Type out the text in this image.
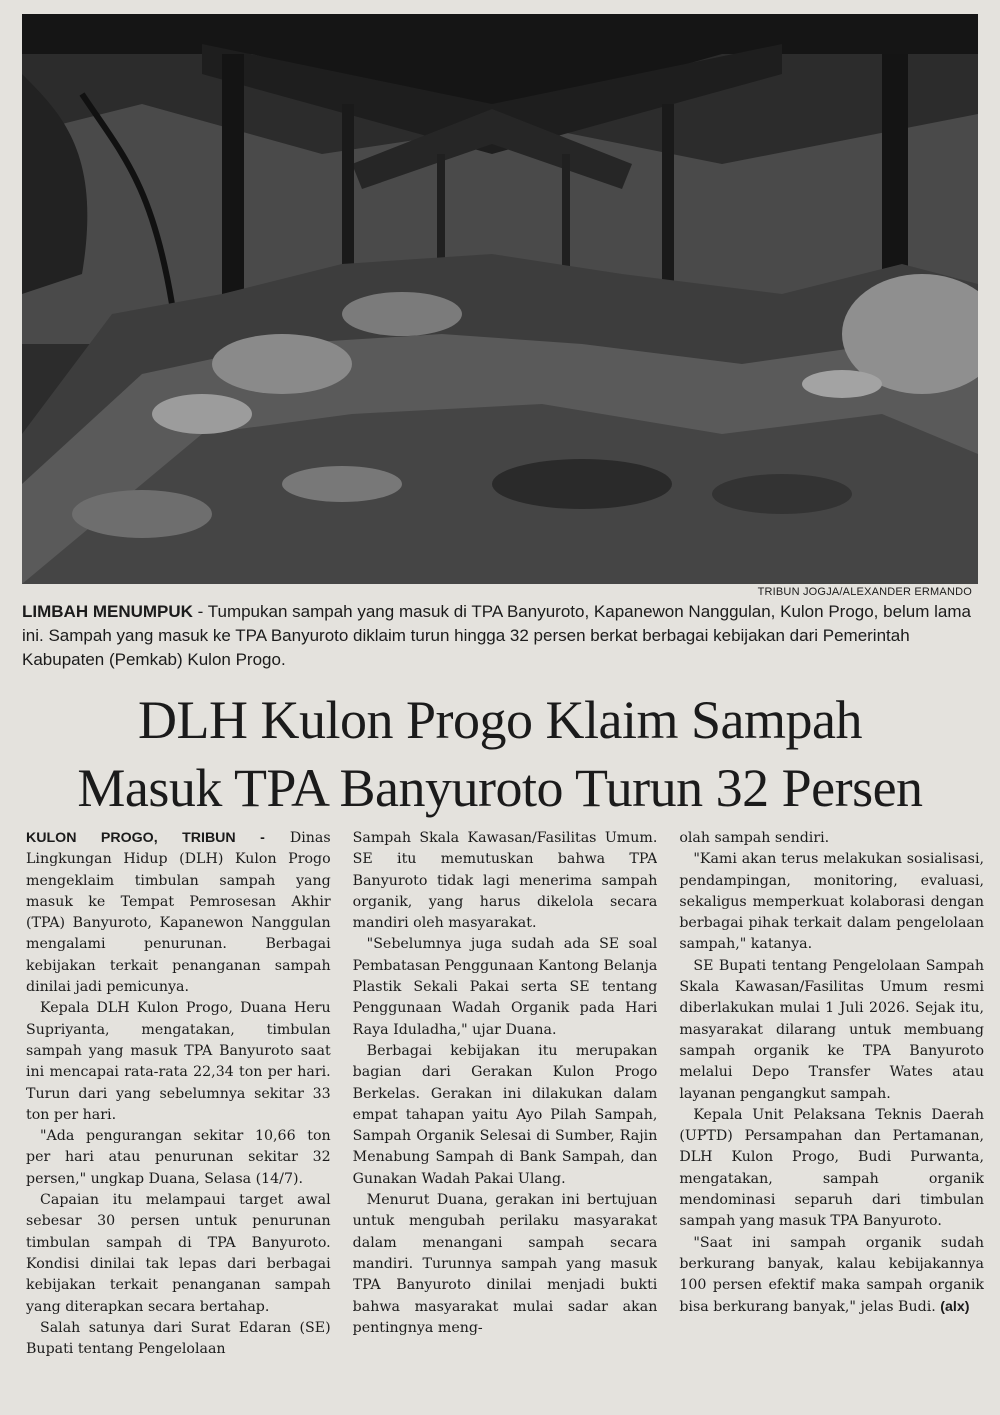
TRIBUN JOGJA/ALEXANDER ERMANDO
LIMBAH MENUMPUK - Tumpukan sampah yang masuk di TPA Banyuroto, Kapanewon Nanggulan, Kulon Progo, belum lama ini. Sampah yang masuk ke TPA Banyuroto diklaim turun hingga 32 persen berkat berbagai kebijakan dari Pemerintah Kabupaten (Pemkab) Kulon Progo.
DLH Kulon Progo Klaim Sampah
Masuk TPA Banyuroto Turun 32 Persen

KULON PROGO, TRIBUN - Dinas Lingkungan Hidup (DLH) Kulon Progo mengeklaim timbulan sampah yang masuk ke Tempat Pemrosesan Akhir (TPA) Banyuroto, Kapanewon Nanggulan mengalami penurunan. Berbagai kebijakan terkait penanganan sampah dinilai jadi pemicunya.

Kepala DLH Kulon Progo, Duana Heru Supriyanta, mengatakan, timbulan sampah yang masuk TPA Banyuroto saat ini mencapai rata-rata 22,34 ton per hari. Turun dari yang sebelumnya sekitar 33 ton per hari.

"Ada pengurangan sekitar 10,66 ton per hari atau penurunan sekitar 32 persen," ungkap Duana, Selasa (14/7).

Capaian itu melampaui target awal sebesar 30 persen untuk penurunan timbulan sampah di TPA Banyuroto. Kondisi dinilai tak lepas dari berbagai kebijakan terkait penanganan sampah yang diterapkan secara bertahap.

Salah satunya dari Surat Edaran (SE) Bupati tentang Pengelolaan

Sampah Skala Kawasan/Fasilitas Umum. SE itu memutuskan bahwa TPA Banyuroto tidak lagi menerima sampah organik, yang harus dikelola secara mandiri oleh masyarakat.

"Sebelumnya juga sudah ada SE soal Pembatasan Penggunaan Kantong Belanja Plastik Sekali Pakai serta SE tentang Penggunaan Wadah Organik pada Hari Raya Iduladha," ujar Duana.

Berbagai kebijakan itu merupakan bagian dari Gerakan Kulon Progo Berkelas. Gerakan ini dilakukan dalam empat tahapan yaitu Ayo Pilah Sampah, Sampah Organik Selesai di Sumber, Rajin Menabung Sampah di Bank Sampah, dan Gunakan Wadah Pakai Ulang.

Menurut Duana, gerakan ini bertujuan untuk mengubah perilaku masyarakat dalam menangani sampah secara mandiri. Turunnya sampah yang masuk TPA Banyuroto dinilai menjadi bukti bahwa masyarakat mulai sadar akan pentingnya meng-

olah sampah sendiri.

"Kami akan terus melakukan sosialisasi, pendampingan, monitoring, evaluasi, sekaligus memperkuat kolaborasi dengan berbagai pihak terkait dalam pengelolaan sampah," katanya.

SE Bupati tentang Pengelolaan Sampah Skala Kawasan/Fasilitas Umum resmi diberlakukan mulai 1 Juli 2026. Sejak itu, masyarakat dilarang untuk membuang sampah organik ke TPA Banyuroto melalui Depo Transfer Wates atau layanan pengangkut sampah.

Kepala Unit Pelaksana Teknis Daerah (UPTD) Persampahan dan Pertamanan, DLH Kulon Progo, Budi Purwanta, mengatakan, sampah organik mendominasi separuh dari timbulan sampah yang masuk TPA Banyuroto.

"Saat ini sampah organik sudah berkurang banyak, kalau kebijakannya 100 persen efektif maka sampah organik bisa berkurang banyak," jelas Budi. (alx)
